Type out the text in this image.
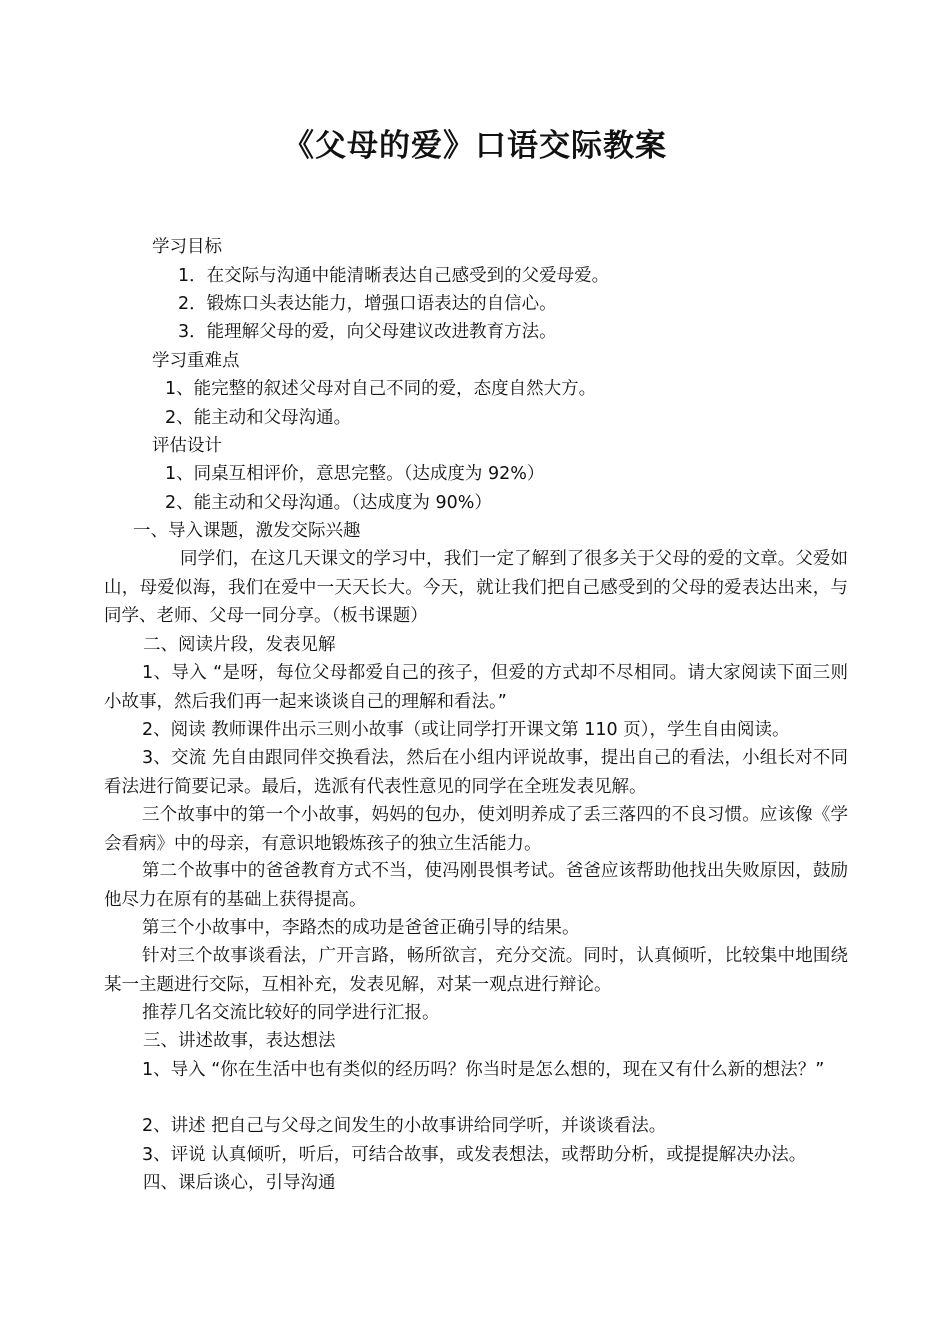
《父母的爱》口语交际教案
学习目标
1．在交际与沟通中能清晰表达自己感受到的父爱母爱。
2．锻炼口头表达能力，增强口语表达的自信心。
3．能理解父母的爱，向父母建议改进教育方法。
学习重难点
1、能完整的叙述父母对自己不同的爱，态度自然大方。
2、能主动和父母沟通。
评估设计
1、同桌互相评价，意思完整。（达成度为 92%）
2、能主动和父母沟通。（达成度为 90%）
一、导入课题，激发交际兴趣
同学们，在这几天课文的学习中，我们一定了解到了很多关于父母的爱的文章。父爱如山，母爱似海，我们在爱中一天天长大。今天，就让我们把自己感受到的父母的爱表达出来，与同学、老师、父母一同分享。（板书课题）
二、阅读片段，发表见解
1、导入 “是呀，每位父母都爱自己的孩子，但爱的方式却不尽相同。请大家阅读下面三则小故事，然后我们再一起来谈谈自己的理解和看法。”
2、阅读 教师课件出示三则小故事（或让同学打开课文第 110 页），学生自由阅读。
3、交流 先自由跟同伴交换看法，然后在小组内评说故事，提出自己的看法，小组长对不同看法进行简要记录。最后，选派有代表性意见的同学在全班发表见解。
三个故事中的第一个小故事，妈妈的包办，使刘明养成了丢三落四的不良习惯。应该像《学会看病》中的母亲，有意识地锻炼孩子的独立生活能力。
第二个故事中的爸爸教育方式不当，使冯刚畏惧考试。爸爸应该帮助他找出失败原因，鼓励他尽力在原有的基础上获得提高。
第三个小故事中，李路杰的成功是爸爸正确引导的结果。
针对三个故事谈看法，广开言路，畅所欲言，充分交流。同时，认真倾听，比较集中地围绕某一主题进行交际，互相补充，发表见解，对某一观点进行辩论。
推荐几名交流比较好的同学进行汇报。
三、讲述故事，表达想法
1、导入 “你在生活中也有类似的经历吗？你当时是怎么想的，现在又有什么新的想法？”
2、讲述 把自己与父母之间发生的小故事讲给同学听，并谈谈看法。
3、评说 认真倾听，听后，可结合故事，或发表想法，或帮助分析，或提提解决办法。
四、课后谈心，引导沟通
